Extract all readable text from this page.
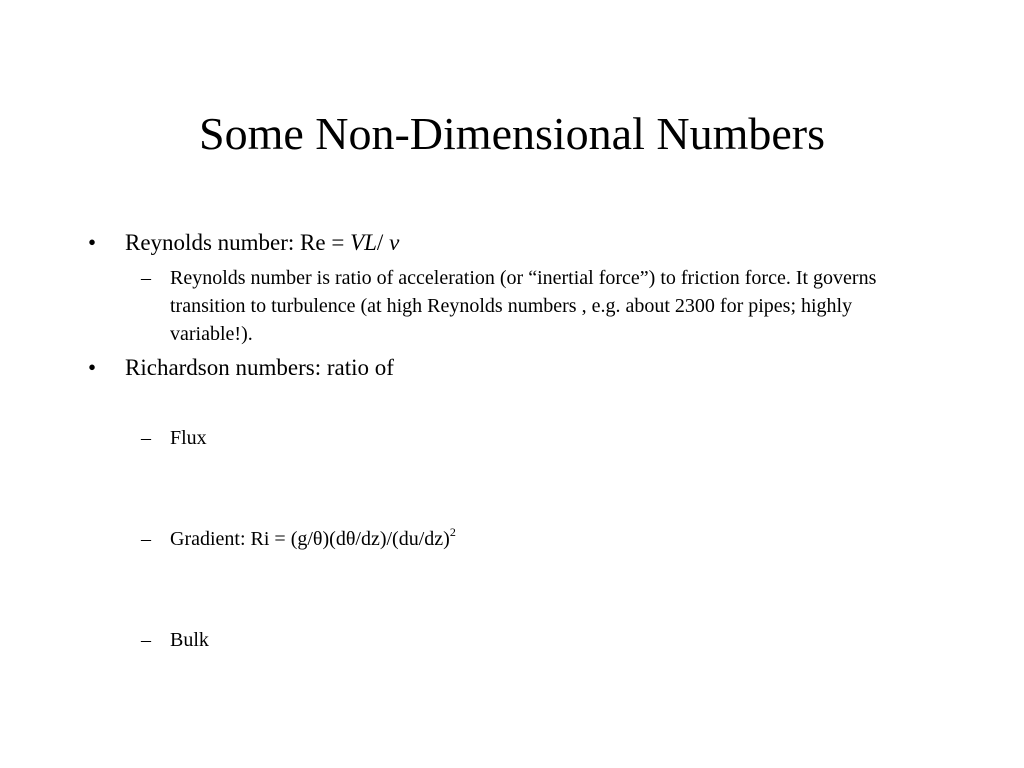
Some Non-Dimensional Numbers
• Reynolds number: Re = VL/ ν
– Reynolds number is ratio of acceleration (or “inertial force”) to friction force. It governs transition to turbulence (at high Reynolds numbers , e.g. about 2300 for pipes; highly variable!).
• Richardson numbers: ratio of
– Flux
– Gradient: $Ri = (g/\theta)(d\theta/dz)/(du/dz)^2$
– Bulk
